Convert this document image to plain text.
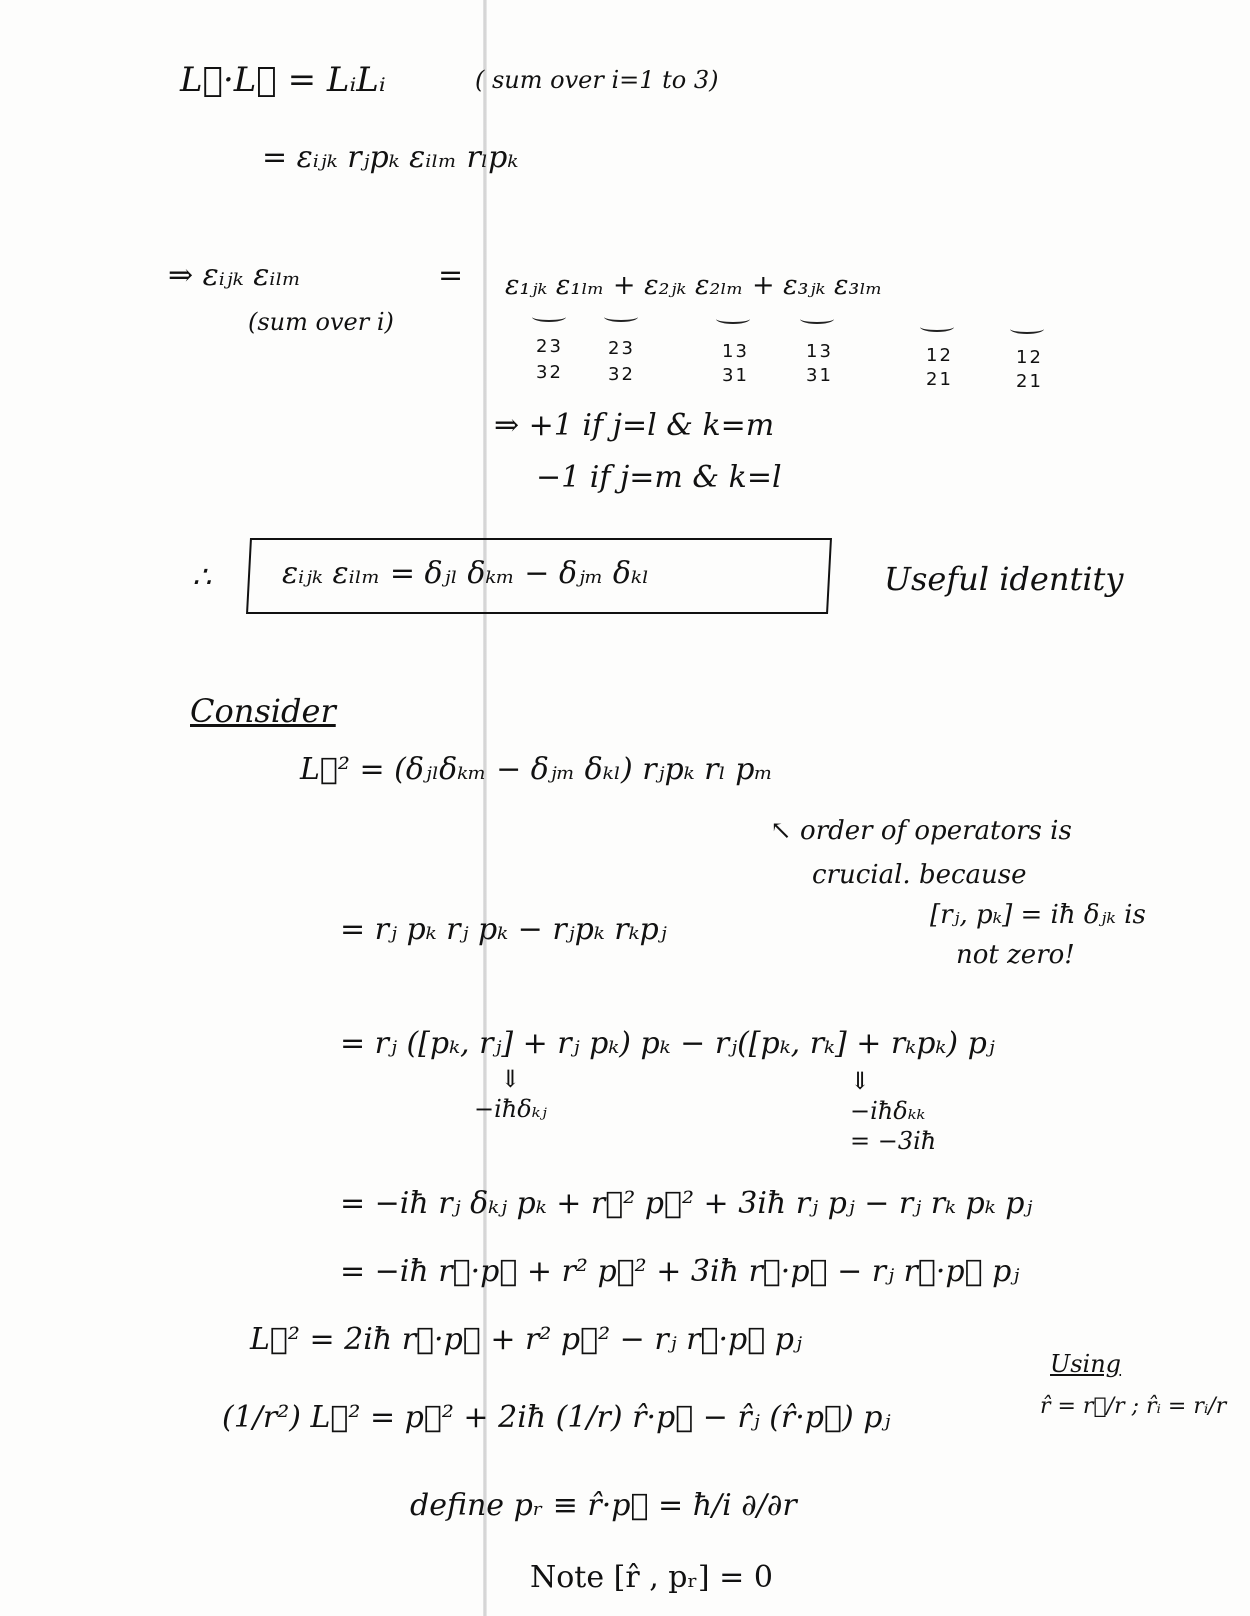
L⃗·L⃗ = LᵢLᵢ	( sum over i=1 to 3)
= εᵢⱼₖ rⱼpₖ εᵢₗₘ rₗpₖ
⇒ εᵢⱼₖ εᵢₗₘ
(sum over i)
= ε₁ⱼₖ ε₁ₗₘ + ε₂ⱼₖ ε₂ₗₘ + ε₃ⱼₖ ε₃ₗₘ
23
32
23
32
13
31
13
31
12
21
12
21
⇒ +1 if j=l & k=m
−1 if j=m & k=l
∴ εᵢⱼₖ εᵢₗₘ = δⱼₗ δₖₘ − δⱼₘ δₖₗ	Useful identity
Consider
L⃗² = (δⱼₗδₖₘ − δⱼₘ δₖₗ) rⱼpₖ rₗ pₘ
↖ order of operators is
crucial. because
= rⱼ pₖ rⱼ pₖ − rⱼpₖ rₖpⱼ	[rⱼ, pₖ] = iħ δⱼₖ is
not zero!
= rⱼ ([pₖ, rⱼ] + rⱼ pₖ) pₖ − rⱼ([pₖ, rₖ] + rₖpₖ) pⱼ
⇓
−iħδₖⱼ
⇓
−iħδₖₖ
= −3iħ
= −iħ rⱼ δₖⱼ pₖ + r⃗² p⃗² + 3iħ rⱼ pⱼ − rⱼ rₖ pₖ pⱼ
= −iħ r⃗·p⃗ + r² p⃗² + 3iħ r⃗·p⃗ − rⱼ r⃗·p⃗ pⱼ
L⃗² = 2iħ r⃗·p⃗ + r² p⃗² − rⱼ r⃗·p⃗ pⱼ
(1/r²) L⃗² = p⃗² + 2iħ (1/r) r̂·p⃗ − r̂ⱼ (r̂·p⃗) pⱼ
Using
r̂ = r⃗/r ; r̂ᵢ = rᵢ/r
define pᵣ ≡ r̂·p⃗ = ħ/i ∂/∂r
Note [r̂ , pᵣ] = 0
